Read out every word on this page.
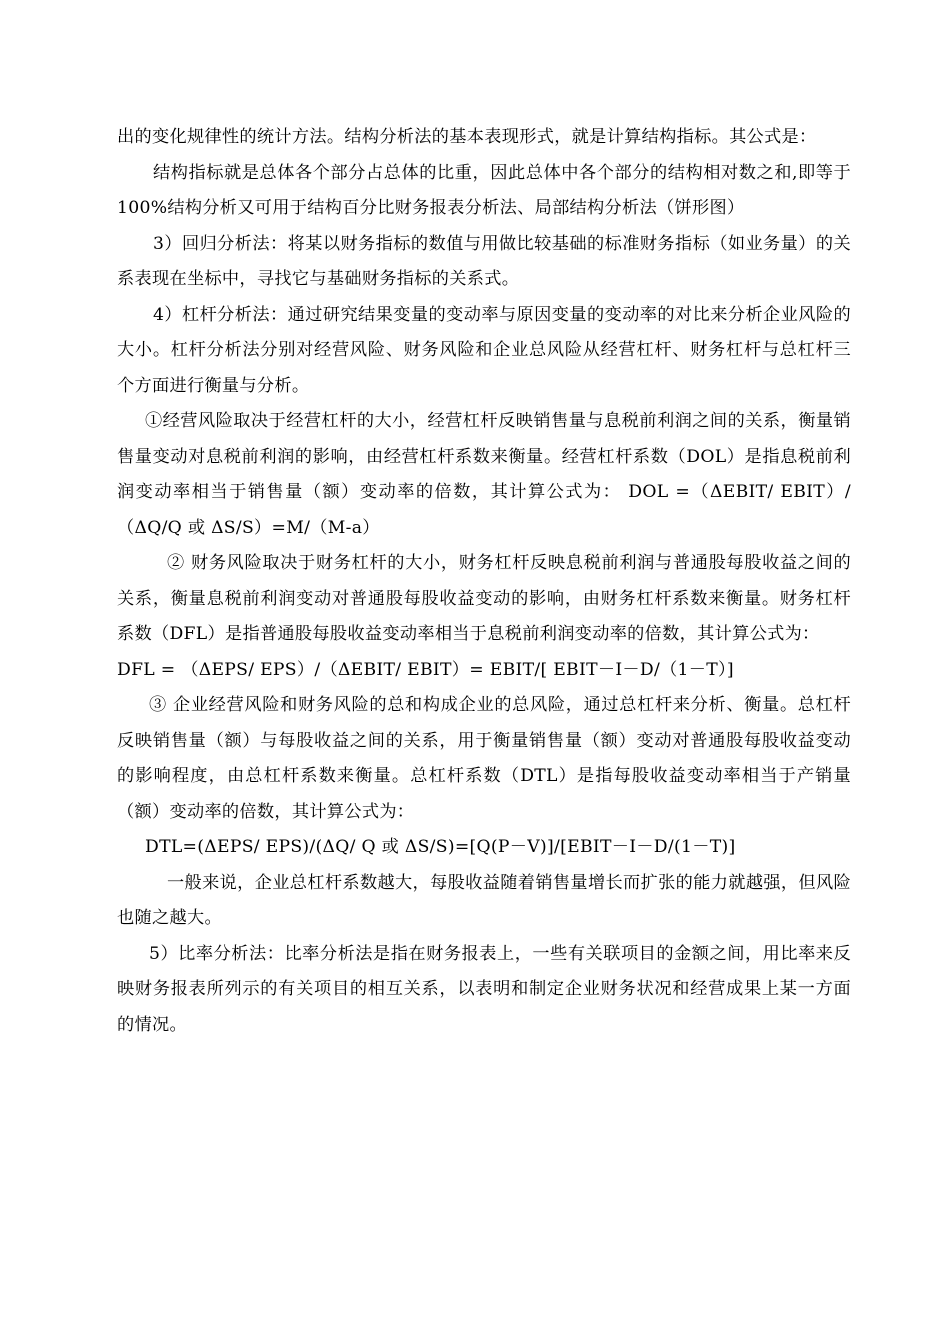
出的变化规律性的统计方法。结构分析法的基本表现形式，就是计算结构指标。其公式是：

结构指标就是总体各个部分占总体的比重，因此总体中各个部分的结构相对数之和,即等于 100%结构分析又可用于结构百分比财务报表分析法、局部结构分析法（饼形图）

3）回归分析法：将某以财务指标的数值与用做比较基础的标准财务指标（如业务量）的关系表现在坐标中，寻找它与基础财务指标的关系式。

4）杠杆分析法：通过研究结果变量的变动率与原因变量的变动率的对比来分析企业风险的大小。杠杆分析法分别对经营风险、财务风险和企业总风险从经营杠杆、财务杠杆与总杠杆三个方面进行衡量与分析。

①经营风险取决于经营杠杆的大小，经营杠杆反映销售量与息税前利润之间的关系，衡量销售量变动对息税前利润的影响，由经营杠杆系数来衡量。经营杠杆系数（DOL）是指息税前利润变动率相当于销售量（额）变动率的倍数，其计算公式为： DOL =（ΔEBIT/ EBIT）/（ΔQ/Q 或 ΔS/S）=M/（M-a）

② 财务风险取决于财务杠杆的大小，财务杠杆反映息税前利润与普通股每股收益之间的关系，衡量息税前利润变动对普通股每股收益变动的影响，由财务杠杆系数来衡量。财务杠杆系数（DFL）是指普通股每股收益变动率相当于息税前利润变动率的倍数，其计算公式为：

DFL = （ΔEPS/ EPS）/（ΔEBIT/ EBIT）= EBIT/[ EBIT－I－D/（1－T）]

③ 企业经营风险和财务风险的总和构成企业的总风险，通过总杠杆来分析、衡量。总杠杆反映销售量（额）与每股收益之间的关系，用于衡量销售量（额）变动对普通股每股收益变动的影响程度，由总杠杆系数来衡量。总杠杆系数（DTL）是指每股收益变动率相当于产销量（额）变动率的倍数，其计算公式为：

DTL=(ΔEPS/ EPS)/(ΔQ/ Q 或 ΔS/S)=[Q(P－V)]/[EBIT－I－D/(1－T)]

一般来说，企业总杠杆系数越大，每股收益随着销售量增长而扩张的能力就越强，但风险也随之越大。

5）比率分析法：比率分析法是指在财务报表上，一些有关联项目的金额之间，用比率来反映财务报表所列示的有关项目的相互关系，以表明和制定企业财务状况和经营成果上某一方面的情况。
